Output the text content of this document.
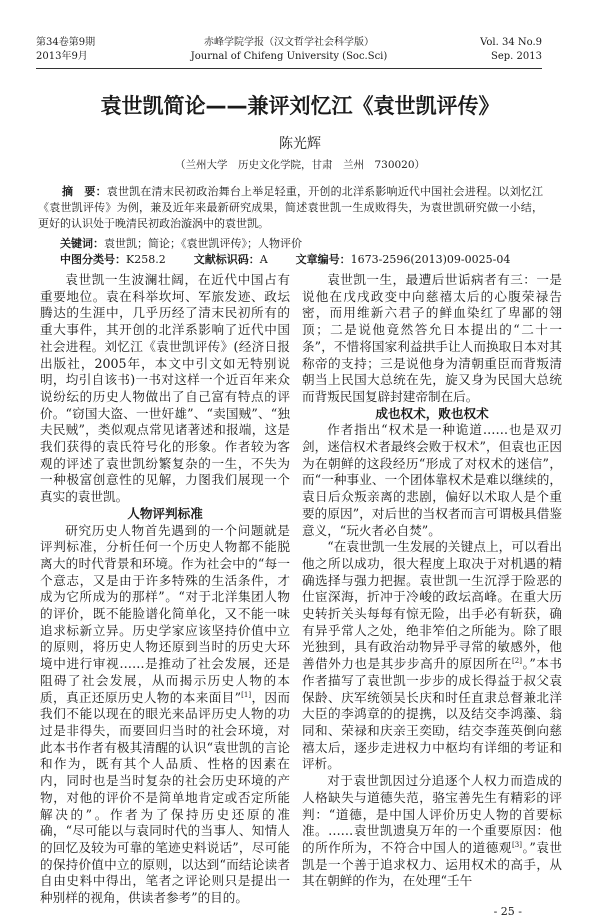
第34卷第9期
2013年9月
赤峰学院学报（汉文哲学社会科学版）
Journal of Chifeng University (Soc.Sci)
Vol. 34 No.9
Sep. 2013
袁世凯简论——兼评刘忆江《袁世凯评传》
陈光辉
（兰州大学　历史文化学院，甘肃　兰州　730020）
摘　要：袁世凯在清末民初政治舞台上举足轻重，开创的北洋系影响近代中国社会进程。以刘忆江《袁世凯评传》为例，兼及近年来最新研究成果，简述袁世凯一生成败得失，为袁世凯研究做一小结，更好的认识处于晚清民初政治漩涡中的袁世凯。
关键词：袁世凯；简论；《袁世凯评传》；人物评价
中图分类号：K258.2	文献标识码：A	文章编号：1673-2596(2013)09-0025-04

袁世凯一生波澜壮阔，在近代中国占有重要地位。袁在科举坎坷、军旅发迹、政坛腾达的生涯中，几乎历经了清末民初所有的重大事件，其开创的北洋系影响了近代中国社会进程。刘忆江《袁世凯评传》(经济日报出版社，2005年，本文中引文如无特别说明，均引自该书)一书对这样一个近百年来众说纷纭的历史人物做出了自己富有特点的评价。“窃国大盗、一世奸雄”、“卖国贼”、“独夫民贼”，类似观点常见诸著述和报端，这是我们获得的袁氏符号化的形象。作者较为客观的评述了袁世凯纷繁复杂的一生，不失为一种极富创意性的见解，力图我们展现一个真实的袁世凯。

人物评判标准

研究历史人物首先遇到的一个问题就是评判标准，分析任何一个历史人物都不能脱离大的时代背景和环境。作为社会中的“每一个意志，又是由于许多特殊的生活条件，才成为它所成为的那样”。“对于北洋集团人物的评价，既不能脸谱化简单化，又不能一味追求标新立异。历史学家应该坚持价值中立的原则，将历史人物还原到当时的历史大环境中进行审视……是推动了社会发展，还是阻碍了社会发展，从而揭示历史人物的本质，真正还原历史人物的本来面目”[1]，因而我们不能以现在的眼光来品评历史人物的功过是非得失，而要回归当时的社会环境，对此本书作者有极其清醒的认识“袁世凯的言论和作为，既有其个人品质、性格的因素在内，同时也是当时复杂的社会历史环境的产物，对他的评价不是简单地肯定或否定所能解决的”。作者为了保持历史还原的准确，“尽可能以与袁同时代的当事人、知情人的回忆及较为可靠的笔迹史料说话”，尽可能的保持价值中立的原则，以达到“而结论读者自由史料中得出，笔者之评论则只是提出一种别样的视角，供读者参考”的目的。

袁世凯一生，最遭后世诟病者有三：一是说他在戊戌政变中向慈禧太后的心腹荣禄告密，而用维新六君子的鲜血染红了卑鄙的翎顶；二是说他竟然答允日本提出的“二十一条”，不惜将国家利益拱手让人而换取日本对其称帝的支持；三是说他身为清朝重臣而背叛清朝当上民国大总统在先，旋又身为民国大总统而背叛民国复辟封建帝制在后。

成也权术，败也权术

作者指出“权术是一种诡道……也是双刃剑，迷信权术者最终会败于权术”，但袁也正因为在朝鲜的这段经历“形成了对权术的迷信”，而“一种事业、一个团体靠权术是难以继续的，袁日后众叛亲离的悲剧，偏好以术取人是个重要的原因”，对后世的当权者而言可谓极具借鉴意义，“玩火者必自焚”。

“在袁世凯一生发展的关键点上，可以看出他之所以成功，很大程度上取决于对机遇的精确选择与强力把握。袁世凯一生沉浮于险恶的仕宦深海，折冲于冷峻的政坛高峰。在重大历史转折关头每每有惊无险，出手必有斩获，确有异乎常人之处，绝非笮伯之所能为。除了眼光独到，具有政治动物异乎寻常的敏感外，他善借外力也是其步步高升的原因所在[2]。”本书作者描写了袁世凯一步步的成长得益于叔父袁保龄、庆军统领吴长庆和时任直隶总督兼北洋大臣的李鸿章的的提携，以及结交李鸿藻、翁同和、荣禄和庆亲王奕劻，结交李莲英倒向慈禧太后，逐步走进权力中枢均有详细的考证和评析。

对于袁世凯因过分追逐个人权力而造成的人格缺失与道德失范，骆宝善先生有精彩的评判：“道德，是中国人评价历史人物的首要标准。……袁世凯遗臭万年的一个重要原因：他的所作所为，不符合中国人的道德观[3]。”袁世凯是一个善于追求权力、运用权术的高手，从其在朝鲜的作为，在处理“壬午

- 25 -
